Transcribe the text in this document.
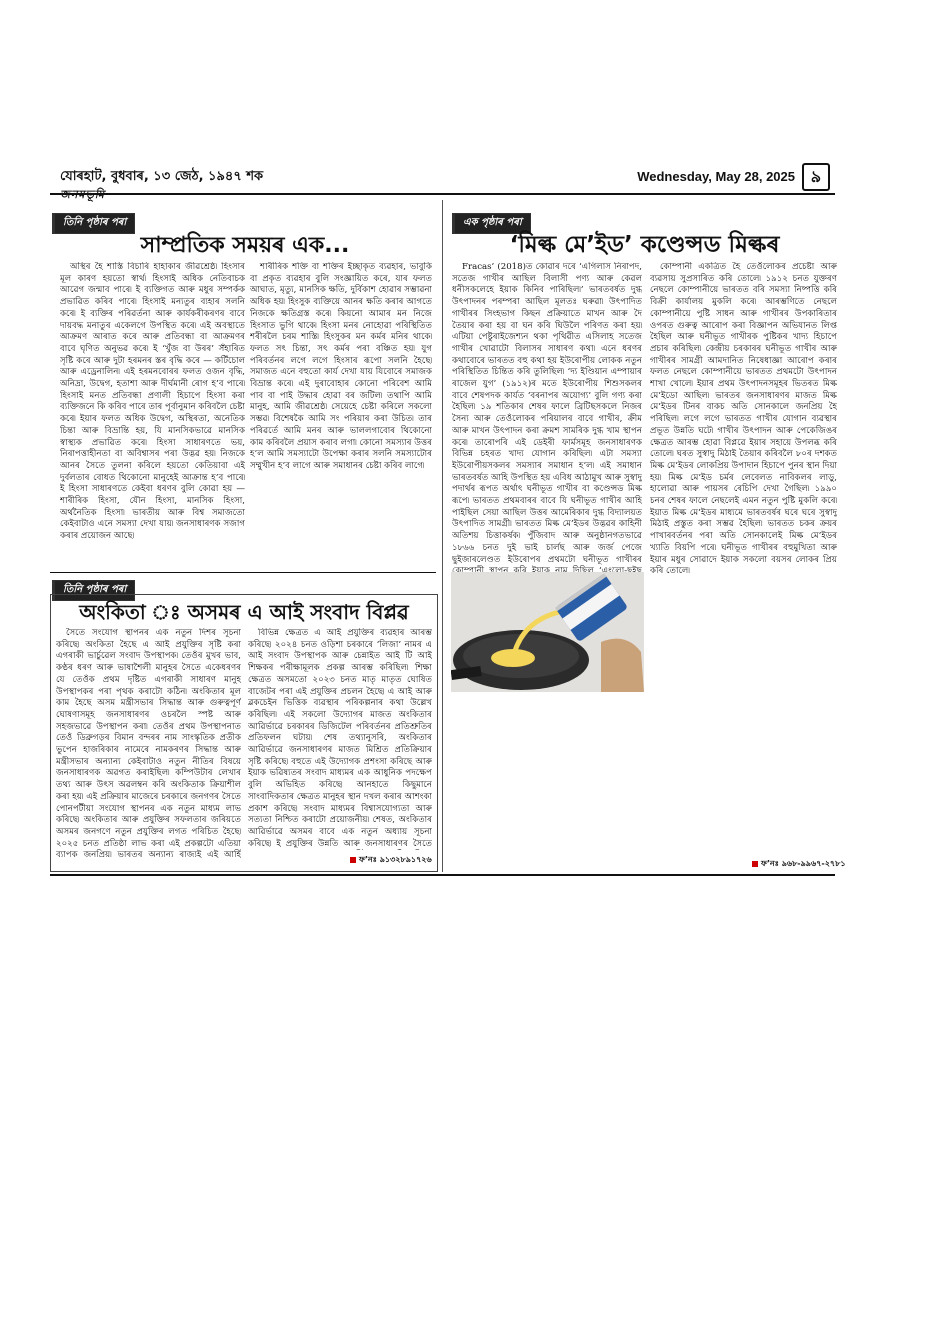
যোৰহাট, বুধবাৰ, ১৩ জেঠ, ১৯৪৭ শক
জনমভূমি
Wednesday, May 28, 2025 ৯
তিনি পৃষ্ঠাৰ পৰা
সাম্প্ৰতিক সময়ৰ এক...

অস্থিৰ হৈ শাস্তি বিচাৰি হাহাকাৰ জীৱশ্ৰেষ্ঠ৷ হিংসাৰ মূল কাৰণ হয়তো স্বাৰ্থ৷ হিংসাই অধিক নেতিবাচক আৱেগ জন্মাব পাৰে৷ ই ব্যক্তিগত আৰু মধুৰ সম্পৰ্কক প্ৰভাৱিত কৰিব পাৰে৷ হিংসাই মন্যতুৰ ব্যহাৰ সলনি কৰে৷ ই ব্যক্তিৰ পৰিৱৰ্তনা আৰু কাৰ্যকৰীকৰণৰ বাবে দায়বদ্ধ মনাতুৰ একেলগে উপস্থিত কৰে৷ এই অবস্থাতে আক্ৰমণ আৰাত কৰে আৰু প্ৰতিবন্ধা বা আক্ৰমণৰ বাবে ঘৃণিত অনুভৱ কৰে৷ ই ‘খুঁজ বা উৰৰ’ সঁহাৰিত সৃষ্টি কৰে আৰু দুটা হৰমনৰ স্তৰ বৃদ্ধি কৰে — কৰ্টিচোল আৰু এড্ৰেনালিন৷ এই হৰমনবোৰৰ ফলত ওজন বৃদ্ধি, অনিদ্ৰা, উদ্বেগ, হতাশা আৰু দীৰ্ঘমানী ৰোগ হ’ব পাৰে৷ হিংসাই মনত প্ৰতিবন্ধা প্ৰণালী হিচাপে হিংসা কৰা ব্যক্তিজনে কি কৰিব পাৰে তাৰ পূৰ্বানুমান কৰিবলৈ চেষ্টা কৰে৷ ইয়াৰ ফলত অধিক উদ্বেগ, অস্থিৰতা, অনেতিক চিন্তা আৰু বিভ্ৰান্তি হয়, যি মানসিকভাৱে মানসিক স্বাস্থ্যক প্ৰভাৱিত কৰে৷ হিংসা সাধাৰণতে ভয়, নিৰাপত্তাহীনতা বা অবিশ্বাসৰ পৰা উদ্ভৱ হয়৷ নিজকে আনৰ সৈতে তুলনা কৰিলে হয়তো কেতিয়াবা এই দুৰ্বলতাৰ বোধত থিকোনো মানুহেই আক্ৰান্ত হ’ব পাৰে৷ ই হিংসা সাধাৰণতে কেইবা ধৰণৰ বুলি কোৱা হয় — শাৰীৰিক হিংসা, যৌন হিংসা, মানসিক হিংসা, অৰ্থনৈতিক হিংসা৷ ভাৰতীয় আৰু বিশ্ব সমাজতো কেইবাটাও এনে সমস্যা দেখা যায়৷ জনসাধাৰণক সজাগ কৰাৰ প্ৰয়োজন আছে৷

শাৰীৰিক শক্তি বা শক্তিৰ ইচ্ছাকৃত ব্যৱহাৰ, ভাবুকি বা প্ৰকৃত ব্যৱহাৰ বুলি সংজ্ঞায়িত কৰে, যাৰ ফলত আঘাত, মৃত্যু, মানসিক ক্ষতি, দুৰ্বিকাশ হোৱাৰ সম্ভাৱনা অধিক হয়৷ হিংসুক ব্যক্তিয়ে আনৰ ক্ষতি কৰাৰ আগতে নিজকে ক্ষতিগ্ৰস্ত কৰে৷ কিয়নো আমাৰ মন নিজে হিংসাত ভুগি থাকে৷ হিংসা মনৰ নোহোৱা পৰিস্থিতিত শৰীৰলৈ চৰম শাস্তি৷ হিংসুকৰ মন কৰ্মৰ মনিৰ থাকে৷ ফলত সৎ চিন্তা, সৎ কৰ্মৰ পৰা বঞ্চিত হয়৷ যুগ পৰিবৰ্তনৰ লগে লগে হিংসাৰ ৰূপো সলনি হৈছে৷ সমাজত এনে বহুতো কাৰ্য দেখা যায় যিবোৰে সমাজক বিভ্ৰান্ত কৰে৷ এই দুৰাবোহাৰ কোনো পৰিবেশ আমি পাব বা পাই উদ্ধাৰ হোৱা বৰ জটিল৷ তথাপি আমি মানুহ, আমি জীৱশ্ৰেষ্ঠ৷ সেয়েহে চেষ্টা কৰিলে সকলো সম্ভৱ৷ বিশেষকৈ আমি সং পৰিয়াৰ কৰা উচিত৷ তাৰ পৰিৱৰ্তে আমি মনৰ আৰু ভাললগাবোৰ থিকোনো কাম কৰিবলৈ প্ৰয়াস কৰাব লগা৷ কোনো সমস্যাৰ উত্তৰ হ’ল আমি সমস্যাটো উপেক্ষা কৰাৰ সলনি সমস্যাটোৰ সম্মুখীন হ’ব লাগে আৰু সমাধানৰ চেষ্টা কৰিব লাগে৷

তিনি পৃষ্ঠাৰ পৰা
অংকিতা ঃ অসমৰ এ আই সংবাদ বিপ্লৱ

সৈতে সংযোগ স্থাপনৰ এক নতুন দিশৰ সূচনা কৰিছে৷ অংকিতা হৈছে এ আই প্ৰযুক্তিৰ সৃষ্টি কৰা এগৰাকী ভাৰ্চুৱেল সংবাদ উপস্থাপক৷ তেওঁৰ মুখৰ ভাব, কণ্ঠৰ ধৰণ আৰু ভাষাশৈলী মানুহৰ সৈতে একেধৰণৰ যে তেওঁক প্ৰথম দৃষ্টিত এগৰাকী সাধাৰণ মানুহ উপস্থাপকৰ পৰা পৃথক কৰাটো কঠিন৷ অংকিতাৰ মূল কাম হৈছে অসম মন্ত্ৰীসভাৰ সিদ্ধান্ত আৰু গুৰুত্বপূৰ্ণ ঘোষণাসমূহ জনসাধাৰণৰ ওচৰলৈ স্পষ্ট আৰু সহজভাৱে উপস্থাপন কৰা৷ তেওঁৰ প্ৰথম উপস্থাপনাত তেওঁ ডিব্ৰুগড়ৰ বিমান বন্দৰৰ নাম সাংস্কৃতিক প্ৰতীক ভুপেন হাজৰিকাৰ নামেৰে নামকৰণৰ সিদ্ধান্ত আৰু মন্ত্ৰীসভাৰ অন্যান্য কেইবাটাও নতুন নীতিৰ বিষয়ে জনসাধাৰণক অৱগত কৰাইছিল৷ কম্পিউটাৰ লেখাৰ তথ্য আৰু উৎস অৱলম্বন কৰি অংকিতাক ক্ৰিয়াশীল কৰা হয়৷ এই প্ৰক্ৰিয়াৰ মাজেৰে চৰকাৰে জনগণৰ সৈতে পোনপটীয়া সংযোগ স্থাপনৰ এক নতুন মাধ্যম লাভ কৰিছে৷ অংকিতাৰ আৰু প্ৰযুক্তিৰ সফলতাৰ জৰিয়তে অসমৰ জনগণে নতুন প্ৰযুক্তিৰ লগত পৰিচিত হৈছে৷ ২০২৫ চনত প্ৰতিষ্ঠা লাভ কৰা এই প্ৰকল্পটো এতিয়া ব্যাপক জনপ্ৰিয়৷ ভাৰতৰ অন্যান্য ৰাজ্যই এই আৰ্হি

বিভিন্ন ক্ষেত্ৰত এ আই প্ৰযুক্তিৰ ব্যৱহাৰ আৰম্ভ কৰিছে৷ ২০২৪ চনত ওড়িশা চৰকাৰে ‘লিজা’ নামৰ এ আই সংবাদ উপস্থাপক আৰু চেন্নাইত আই টি আই শিক্ষকৰ পৰীক্ষামূলক প্ৰকল্প আৰম্ভ কৰিছিল৷ শিক্ষা ক্ষেত্ৰত অসমতো ২০২৩ চনত মাতৃ মাতৃত ঘোষিত বাজেটৰ পৰা এই প্ৰযুক্তিৰ প্ৰচলন হৈছে৷ এ আই আৰু ব্লকচেইন ভিত্তিক ব্যৱস্থাৰ পৰিকল্পনাৰ কথা উল্লেখ কৰিছিল৷ এই সকলো উদ্যোগৰ মাজত অংকিতাৰ আৱিৰ্ভাৱে চৰকাৰৰ ডিজিটেল পৰিবৰ্তনৰ প্ৰতিশ্ৰুতিৰ প্ৰতিফলন ঘটায়৷ শেষ তথ্যানুসৰি, অংকিতাৰ আৱিৰ্ভাৱে জনসাধাৰণৰ মাজত মিশ্ৰিত প্ৰতিক্ৰিয়াৰ সৃষ্টি কৰিছে৷ বহুতে এই উদ্যোগক প্ৰশংসা কৰিছে আৰু ইয়াক ভৱিষ্যতৰ সংবাদ মাধ্যমৰ এক আধুনিক পদক্ষেপ বুলি অভিহিত কৰিছে৷ আনহাতে কিছুমানে সাংবাদিকতাৰ ক্ষেত্ৰত মানুহৰ স্থান দখল কৰাৰ আশংকা প্ৰকাশ কৰিছে৷ সংবাদ মাধ্যমৰ বিশ্বাসযোগ্যতা আৰু সত্যতা নিশ্চিত কৰাটো প্ৰয়োজনীয়৷ শেষত, অংকিতাৰ আৱিৰ্ভাৱে অসমৰ বাবে এক নতুন অধ্যায় সূচনা কৰিছে৷ ই প্ৰযুক্তিৰ উন্নতি আৰু জনসাধাৰণৰ সৈতে

ফ’নঃ ৯১৩২৮৯১৭২৬
এক পৃষ্ঠাৰ পৰা
‘মিল্ক মে’ইড’ কণ্ডেন্সড মিল্কৰ

Fracas’ (2018)ত কোৱাৰ দৰে ‘এগিলাস নিৰাপদ, সতেজ গাখীৰ আছিল বিলাসী পণ্য আৰু কেৱল ধনীসকলেহে ইয়াক কিনিব পাৰিছিল৷’ ভাৰতবৰ্ষত দুগ্ধ উৎপাদনৰ পৰম্পৰা আছিল মূলতঃ ঘৰুৱা৷ উৎপাদিত গাখীৰৰ সিংহভাগ কিছন প্ৰক্ৰিয়াতে মাখন আৰু দৈ তৈয়াৰ কৰা হয় বা ঘন কৰি ঘিউলৈ পৰিণত কৰা হয়৷ এটিয়া পেষ্টুৰাইজেশ্যন থকা পৃথিৱীত এসিলাহ সতেজ গাখীৰ খোৱাটো বিলাসৰ সাধাৰণ কথা৷ এনে ধৰণৰ কথাবোৰে ভাৰতত বহু কথা হয় ইউৰোপীয় লোকক নতুন পৰিস্থিতিত চিন্তিত কৰি তুলিছিল৷ ‘দ্য ইণ্ডিয়ান এম্পায়াৰ ৰাজেল যুগ’ (১৯১২)ৰ মতে ইউৰোপীয় শিশুসকলৰ বাবে শেষপদক কাৰ্যত ‘বৰনাপৰ অযোগ্য’ বুলি গণ্য কৰা হৈছিল৷ ১৯ শতিকাৰ শেষৰ ফালে ব্ৰিটিছসকলে নিজৰ সৈন্য আৰু তেওঁলোকৰ পৰিয়ালৰ বাবে গাখীৰ, ক্ৰীম আৰু মাখন উৎপাদন কৰা ক্ৰমশ সামৰিক দুগ্ধ খাম স্থাপন কৰে৷ তাৰোপৰি এই ডেইৰী ফাৰ্মসমূহ জনসাধাৰণক বিভিন্ন চহৰত খাদ্য যোগান কৰিছিল৷ এটা সমস্যা ইউৰোপীয়সকলৰ সমস্যাৰ সমাধান হ’ল৷ এই সমাধান ভাৰতবৰ্ষত আহি উপস্থিত হয় এবিধ আঠামুখ আৰু সুস্বাদু পদাৰ্থৰ ৰূপত অৰ্থাৎ ঘনীভূত গাখীৰ বা কণ্ডেন্সড মিল্ক ৰূপে৷ ভাৰতত প্ৰথমবাৰৰ বাবে যি ঘনীভূত গাখীৰ আহি পাইছিল সেয়া আছিল উত্তৰ আমেৰিকাৰ দুগ্ধ বিদ্যালয়ত উৎপাদিত সামগ্ৰী৷ ভাৰতত মিল্ক মে’ইডৰ উদ্ভৱৰ কাহিনী অতিশয় চিত্তাকৰ্ষক৷ পুঁজিবাদ আৰু অনুষ্ঠানগতভাৱে ১৮৬৬ চনত দুই ভাই চাৰ্লছ আৰু জৰ্জ পেজে ছুইজাৰলেণ্ডত ইউৰোপৰ প্ৰথমটো ঘনীভূত গাখীৰৰ

কোম্পানী একত্ৰিত হৈ তেওঁলোকৰ প্ৰচেষ্টা আৰু ব্যৱসায় সুপ্ৰসাৰিত কৰি তোলে৷ ১৯১২ চনত যুক্তৰণ নেছলে কোম্পানীয়ে ভাৰতত বৰি সমস্যা নিষ্পত্তি কৰি বিক্ৰী কাৰ্যালয় মুকলি কৰে৷ আৰম্ভণিতে নেছলে কোম্পানীয়ে পুষ্টি সাধন আৰু গাখীৰৰ উপকাৰিতাৰ ওপৰত গুৰুত্ব আৰোপ কৰা বিজ্ঞাপন অভিযানত লিপ্ত হৈছিল আৰু ঘনীভূত গাখীৰক পুষ্টিকৰ খাদ্য হিচাপে প্ৰচাৰ কৰিছিল৷ কেন্দ্ৰীয় চৰকাৰৰ ঘনীভূত গাখীৰ আৰু গাখীৰৰ সামগ্ৰী আমদানিত নিষেধাজ্ঞা আৰোপ কৰাৰ ফলত নেছলে কোম্পানীয়ে ভাৰতত প্ৰথমটো উৎপাদন শাখা খোলে৷ ইয়াৰ প্ৰথম উৎপাদনসমূহৰ ভিতৰত মিল্ক মে’ইডো আছিল৷ ভাৰতৰ জনসাধাৰণৰ মাজত মিল্ক মে’ইডৰ টিনৰ বাকচ অতি সোনকালে জনপ্ৰিয় হৈ পৰিছিল৷ লগে লগে ভাৰতত গাখীৰ যোগান ব্যৱস্থাৰ প্ৰভূত উন্নতি ঘটে৷ গাখীৰ উৎপাদন আৰু পেকেজিঙৰ ক্ষেত্ৰত আৰম্ভ হোৱা বিপ্লৱে ইয়াৰ সহায়ে উপলব্ধ কৰি তোলে৷ ঘৰত সুস্বাদু মিঠাই তৈয়াৰ কৰিবলৈ ৮০ৰ দশকত মিল্ক মে’ইডৰ লোকপ্ৰিয় উপাদান হিচাপে পুনৰ স্থান দিয়া হয়৷ মিল্ক মে’ইড চৰ্মৰ লেবেলত নাবিকলৰ লাড়ু, হালোৱা আৰু পায়সৰ ৰেচিপি দেখা গৈছিল৷ ১৯৯০ চনৰ শেষৰ ফালে নেছলেই এমন নতুন পুষ্টি মুকলি কৰে৷ ইয়াত মিল্ক মে’ইডৰ মাধ্যমে ভাৰতবৰ্ষৰ ঘৰে ঘৰে সুস্বাদু মিঠাই প্ৰস্তুত কৰা সম্ভৱ হৈছিল৷ ভাৰতত চকৰ ক্ৰয়ৰ পাখাৰবৰ্তনৰ পৰা অতি সোনকালেই মিল্ক মে’ইডৰ খ্যাতি বিয়পি পৰে৷ ঘনীভূত গাখীৰৰ বহুমুখিতা আৰু ইয়াৰ মধুৰ সোৱাদে ইয়াক সকলো বয়সৰ লোকৰ প্ৰিয় কৰি তোলে৷

ফ’নঃ ৯৬৮-৯৯৬৭-২৭৮১
